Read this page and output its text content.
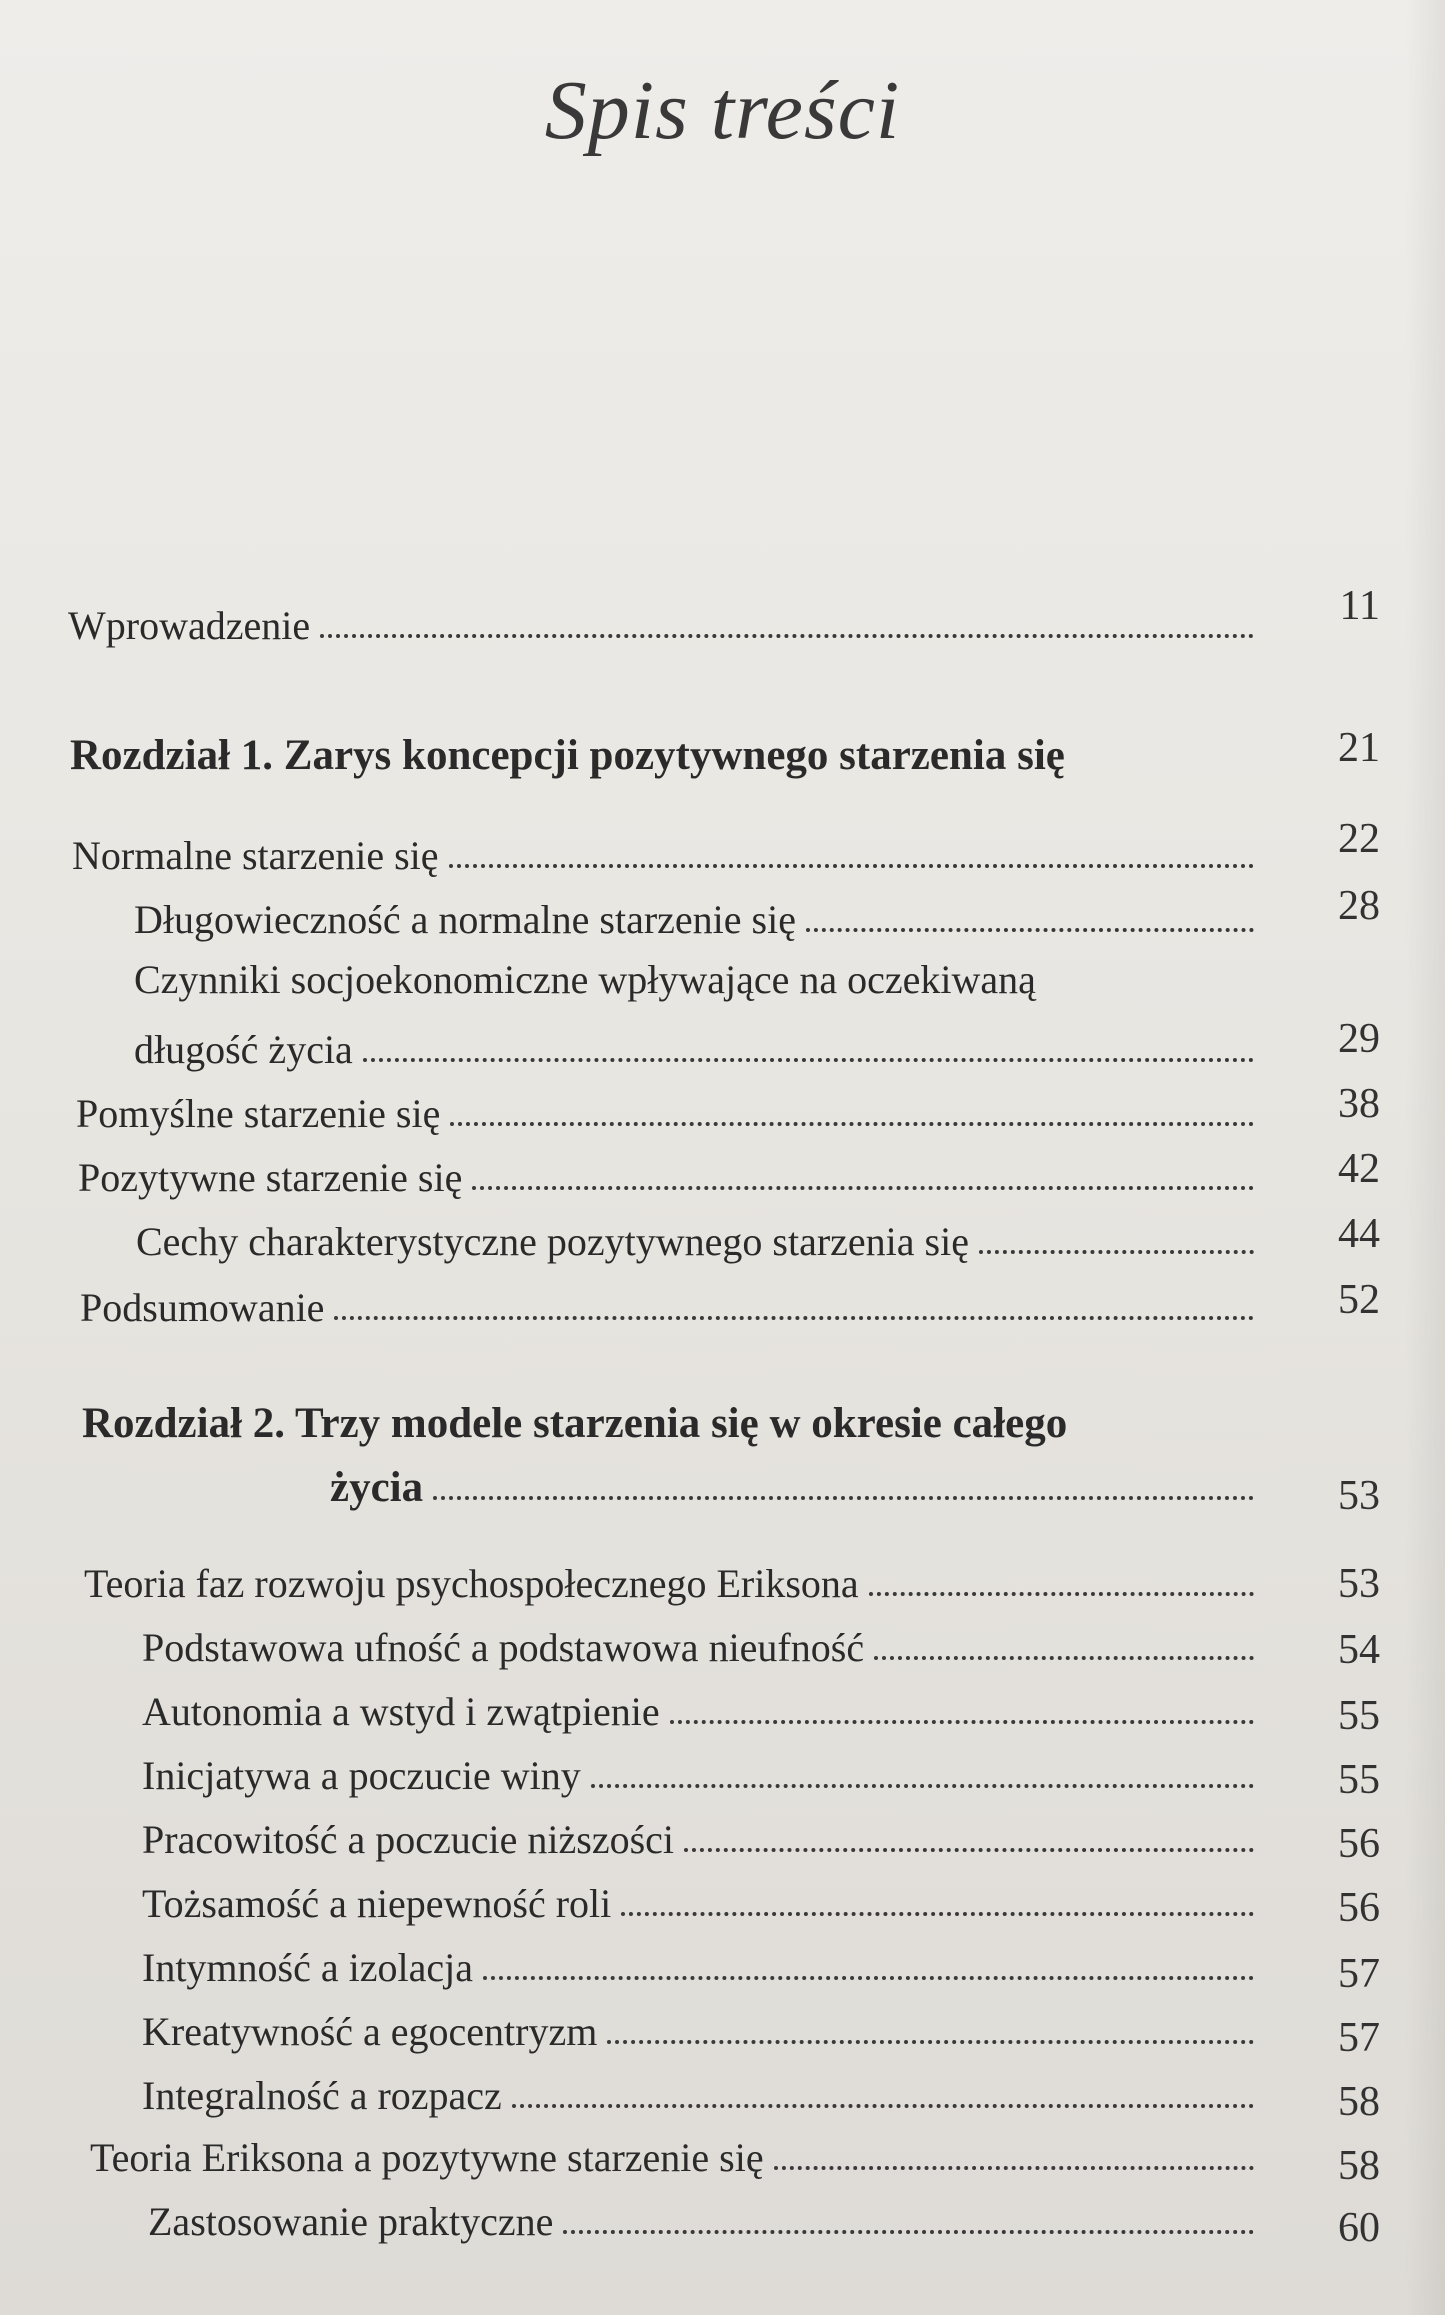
Spis treści
Wprowadzenie	11
Rozdział 1. Zarys koncepcji pozytywnego starzenia się	21
Normalne starzenie się	22
Długowieczność a normalne starzenie się	28
Czynniki socjoekonomiczne wpływające na oczekiwaną
długość życia	29
Pomyślne starzenie się	38
Pozytywne starzenie się	42
Cechy charakterystyczne pozytywnego starzenia się	44
Podsumowanie	52
Rozdział 2. Trzy modele starzenia się w okresie całego
życia	53
Teoria faz rozwoju psychospołecznego Eriksona	53
Podstawowa ufność a podstawowa nieufność	54
Autonomia a wstyd i zwątpienie	55
Inicjatywa a poczucie winy	55
Pracowitość a poczucie niższości	56
Tożsamość a niepewność roli	56
Intymność a izolacja	57
Kreatywność a egocentryzm	57
Integralność a rozpacz	58
Teoria Eriksona a pozytywne starzenie się	58
Zastosowanie praktyczne	60
